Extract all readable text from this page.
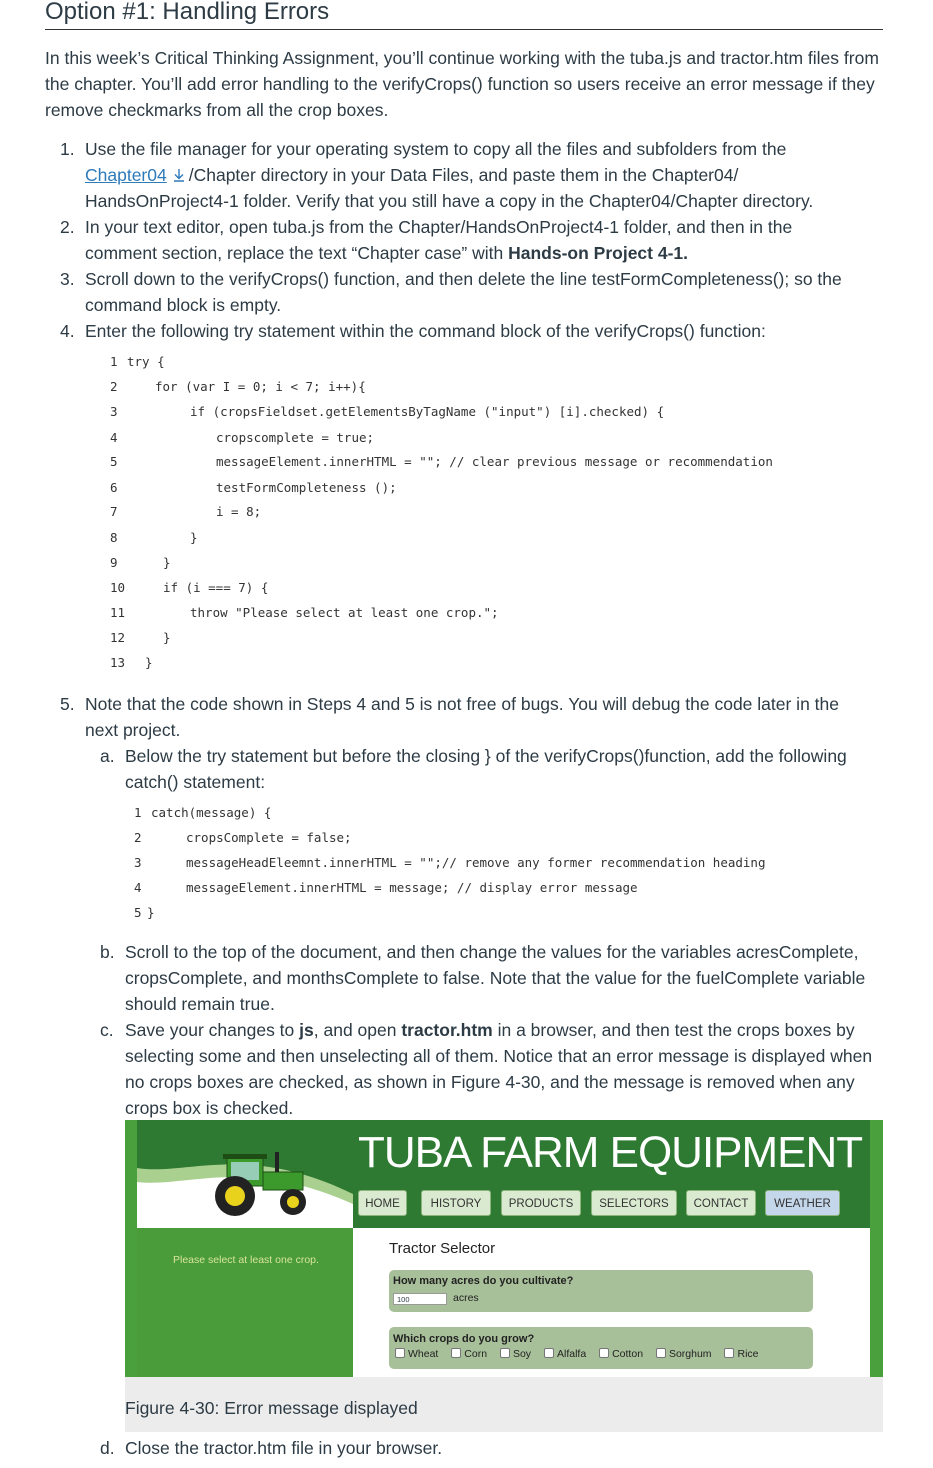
Option #1: Handling Errors
In this week’s Critical Thinking Assignment, you’ll continue working with the tuba.js and tractor.htm files from the chapter. You’ll add error handling to the verifyCrops() function so users receive an error message if they remove checkmarks from all the crop boxes.
1. Use the file manager for your operating system to copy all the files and subfolders from the
Chapter04 /Chapter directory in your Data Files, and paste them in the Chapter04/
HandsOnProject4-1 folder. Verify that you still have a copy in the Chapter04/Chapter directory.
2. In your text editor, open tuba.js from the Chapter/HandsOnProject4-1 folder, and then in the
comment section, replace the text “Chapter case” with Hands-on Project 4-1.
3. Scroll down to the verifyCrops() function, and then delete the line testFormCompleteness(); so the
command block is empty.
4. Enter the following try statement within the command block of the verifyCrops() function:

1

try {

2

	for (var I = 0; i < 7; i++){

3

	if (cropsFieldset.getElementsByTagName ("input") [i].checked) {

4

	cropscomplete = true;

5

	messageElement.innerHTML = ""; // clear previous message or recommendation

6

	testFormCompleteness ();

7

	i = 8;

8

	}

9

	}

10

	if (i === 7) {

11

	throw "Please select at least one crop.";

12

	}

13

}

5. Note that the code shown in Steps 4 and 5 is not free of bugs. You will debug the code later in the
next project.
a. Below the try statement but before the closing } of the verifyCrops()function, add the following
catch() statement:

1

catch(message) {

2

	cropsComplete = false;

3

	messageHeadEleemnt.innerHTML = "";// remove any former recommendation heading

4

	messageElement.innerHTML = message; // display error message

5

}

b. Scroll to the top of the document, and then change the values for the variables acresComplete,
cropsComplete, and monthsComplete to false. Note that the value for the fuelComplete variable
should remain true.
c. Save your changes to js, and open tractor.htm in a browser, and then test the crops boxes by
selecting some and then unselecting all of them. Notice that an error message is displayed when
no crops boxes are checked, as shown in Figure 4-30, and the message is removed when any
crops box is checked.
TUBA FARM EQUIPMENT
HOME	HISTORY	PRODUCTS	SELECTORS	CONTACT	WEATHER
Please select at least one crop.
Tractor Selector
How many acres do you cultivate?
100	acres
Which crops do you grow?
Wheat Corn Soy Alfalfa Cotton Sorghum Rice
Figure 4-30: Error message displayed
d. Close the tractor.htm file in your browser.
